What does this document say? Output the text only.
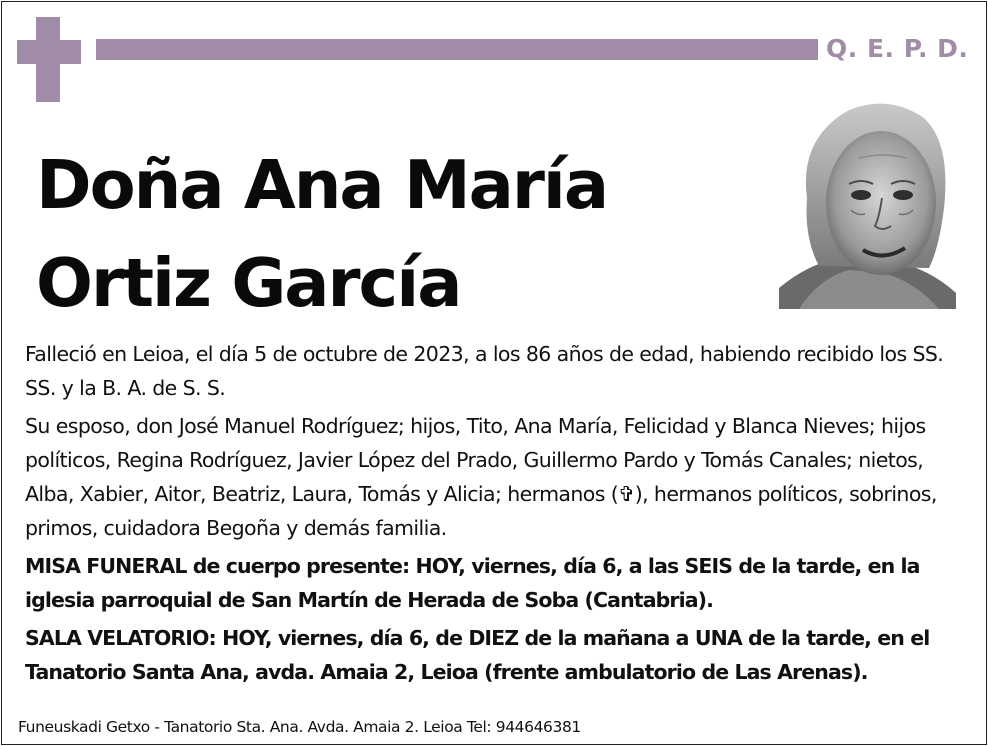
Q. E. P. D.
Doña Ana María
Ortiz García

Falleció en Leioa, el día 5 de octubre de 2023, a los 86 años de edad, habiendo recibido los SS. SS. y la B. A. de S. S.

Su esposo, don José Manuel Rodríguez; hijos, Tito, Ana María, Felicidad y Blanca Nieves; hijos políticos, Regina Rodríguez, Javier López del Prado, Guillermo Pardo y Tomás Canales; nietos, Alba, Xabier, Aitor, Beatriz, Laura, Tomás y Alicia; hermanos (✞), hermanos políticos, sobrinos, primos, cuidadora Begoña y demás familia.

MISA FUNERAL de cuerpo presente: HOY, viernes, día 6, a las SEIS de la tarde, en la iglesia parroquial de San Martín de Herada de Soba (Cantabria).

SALA VELATORIO: HOY, viernes, día 6, de DIEZ de la mañana a UNA de la tarde, en el Tanatorio Santa Ana, avda. Amaia 2, Leioa (frente ambulatorio de Las Arenas).

Funeuskadi Getxo - Tanatorio Sta. Ana. Avda. Amaia 2. Leioa Tel: 944646381
